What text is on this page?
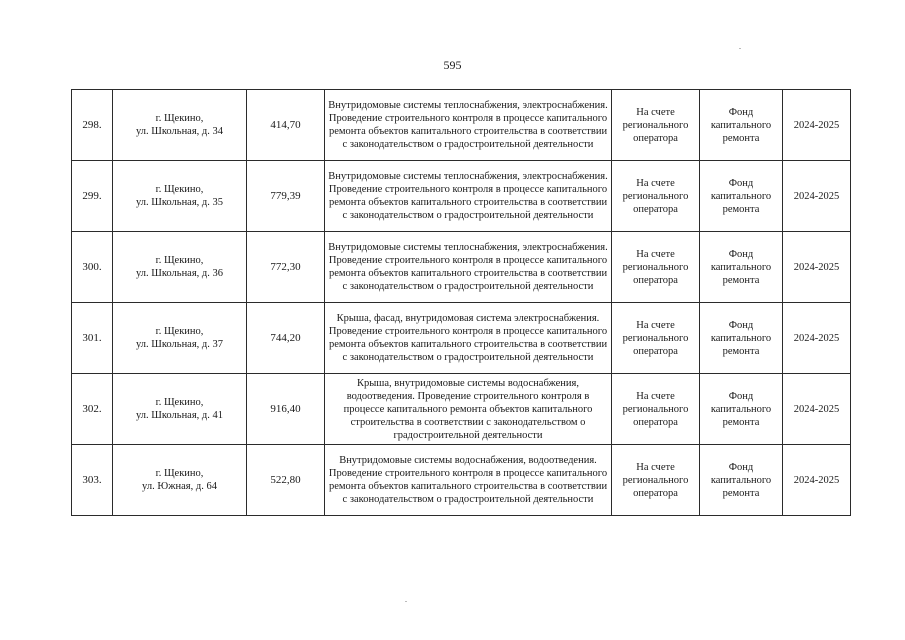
595
298.	г. Щекино,
ул. Школьная, д. 34	414,70	Внутридомовые системы теплоснабжения, электроснабжения. Проведение строительного контроля в процессе капитального ремонта объектов капитального строительства в соответствии с законодательством о градостроительной деятельности	На счете регионального оператора	Фонд капитального ремонта	2024-2025
299.	г. Щекино,
ул. Школьная, д. 35	779,39	Внутридомовые системы теплоснабжения, электроснабжения. Проведение строительного контроля в процессе капитального ремонта объектов капитального строительства в соответствии с законодательством о градостроительной деятельности	На счете регионального оператора	Фонд капитального ремонта	2024-2025
300.	г. Щекино,
ул. Школьная, д. 36	772,30	Внутридомовые системы теплоснабжения, электроснабжения. Проведение строительного контроля в процессе капитального ремонта объектов капитального строительства в соответствии с законодательством о градостроительной деятельности	На счете регионального оператора	Фонд капитального ремонта	2024-2025
301.	г. Щекино,
ул. Школьная, д. 37	744,20	Крыша, фасад, внутридомовая система электроснабжения. Проведение строительного контроля в процессе капитального ремонта объектов капитального строительства в соответствии с законодательством о градостроительной деятельности	На счете регионального оператора	Фонд капитального ремонта	2024-2025
302.	г. Щекино,
ул. Школьная, д. 41	916,40	Крыша, внутридомовые системы водоснабжения, водоотведения. Проведение строительного контроля в процессе капитального ремонта объектов капитального строительства в соответствии с законодательством о градостроительной деятельности	На счете регионального оператора	Фонд капитального ремонта	2024-2025
303.	г. Щекино,
ул. Южная, д. 64	522,80	Внутридомовые системы водоснабжения, водоотведения. Проведение строительного контроля в процессе капитального ремонта объектов капитального строительства в соответствии с законодательством о градостроительной деятельности	На счете регионального оператора	Фонд капитального ремонта	2024-2025
